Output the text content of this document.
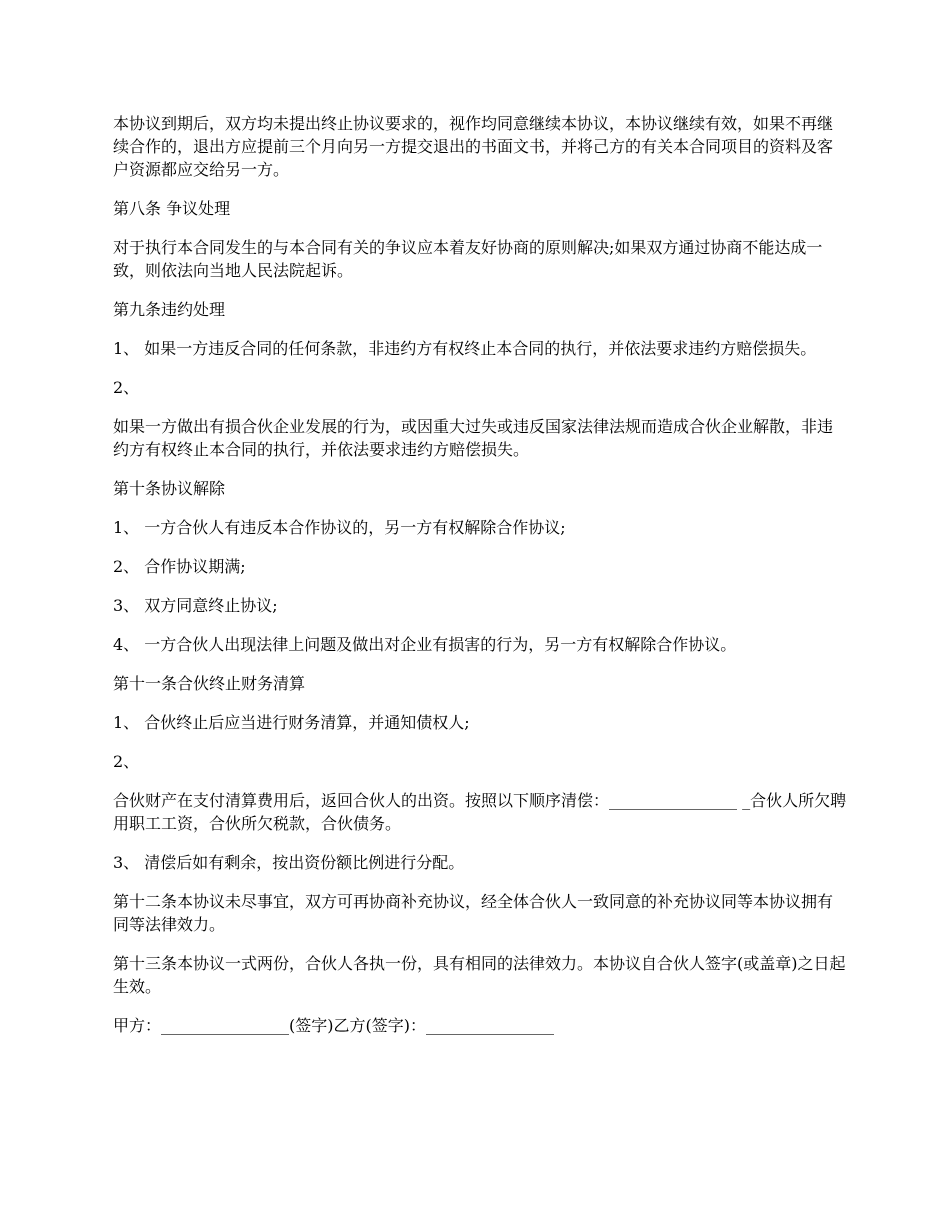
本协议到期后，双方均未提出终止协议要求的，视作均同意继续本协议，本协议继续有效，如果不再继续合作的，退出方应提前三个月向另一方提交退出的书面文书，并将己方的有关本合同项目的资料及客户资源都应交给另一方。

第八条 争议处理

对于执行本合同发生的与本合同有关的争议应本着友好协商的原则解决;如果双方通过协商不能达成一致，则依法向当地人民法院起诉。

第九条违约处理

1、 如果一方违反合同的任何条款，非违约方有权终止本合同的执行，并依法要求违约方赔偿损失。

2、

如果一方做出有损合伙企业发展的行为，或因重大过失或违反国家法律法规而造成合伙企业解散，非违约方有权终止本合同的执行，并依法要求违约方赔偿损失。

第十条协议解除

1、 一方合伙人有违反本合作协议的，另一方有权解除合作协议;

2、 合作协议期满;

3、 双方同意终止协议;

4、 一方合伙人出现法律上问题及做出对企业有损害的行为，另一方有权解除合作协议。

第十一条合伙终止财务清算

1、 合伙终止后应当进行财务清算，并通知债权人;

2、

合伙财产在支付清算费用后，返回合伙人的出资。按照以下顺序清偿：________________ _合伙人所欠聘用职工工资，合伙所欠税款，合伙债务。

3、 清偿后如有剩余，按出资份额比例进行分配。

第十二条本协议未尽事宜，双方可再协商补充协议，经全体合伙人一致同意的补充协议同等本协议拥有同等法律效力。

第十三条本协议一式两份，合伙人各执一份，具有相同的法律效力。本协议自合伙人签字(或盖章)之日起生效。

甲方：________________(签字)乙方(签字)：________________
